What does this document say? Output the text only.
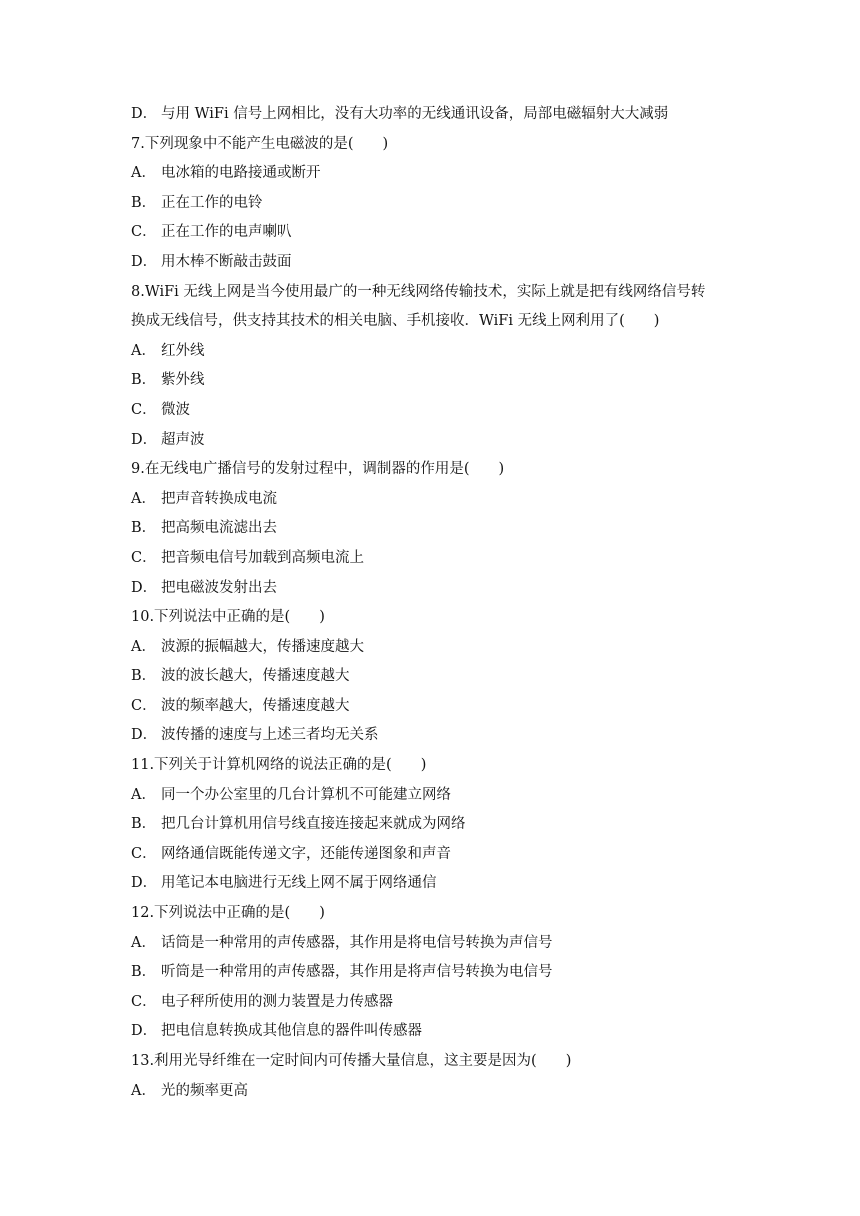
D． 与用 WiFi 信号上网相比，没有大功率的无线通讯设备，局部电磁辐射大大减弱
7.下列现象中不能产生电磁波的是(　　)
A． 电冰箱的电路接通或断开
B． 正在工作的电铃
C． 正在工作的电声喇叭
D． 用木棒不断敲击鼓面
8.WiFi 无线上网是当今使用最广的一种无线网络传输技术，实际上就是把有线网络信号转
换成无线信号，供支持其技术的相关电脑、手机接收．WiFi 无线上网利用了(　　)
A． 红外线
B． 紫外线
C． 微波
D． 超声波
9.在无线电广播信号的发射过程中，调制器的作用是(　　)
A． 把声音转换成电流
B． 把高频电流滤出去
C． 把音频电信号加载到高频电流上
D． 把电磁波发射出去
10.下列说法中正确的是(　　)
A． 波源的振幅越大，传播速度越大
B． 波的波长越大，传播速度越大
C． 波的频率越大，传播速度越大
D． 波传播的速度与上述三者均无关系
11.下列关于计算机网络的说法正确的是(　　)
A． 同一个办公室里的几台计算机不可能建立网络
B． 把几台计算机用信号线直接连接起来就成为网络
C． 网络通信既能传递文字，还能传递图象和声音
D． 用笔记本电脑进行无线上网不属于网络通信
12.下列说法中正确的是(　　)
A． 话筒是一种常用的声传感器，其作用是将电信号转换为声信号
B． 听筒是一种常用的声传感器，其作用是将声信号转换为电信号
C． 电子秤所使用的测力装置是力传感器
D． 把电信息转换成其他信息的器件叫传感器
13.利用光导纤维在一定时间内可传播大量信息，这主要是因为(　　)
A． 光的频率更高
